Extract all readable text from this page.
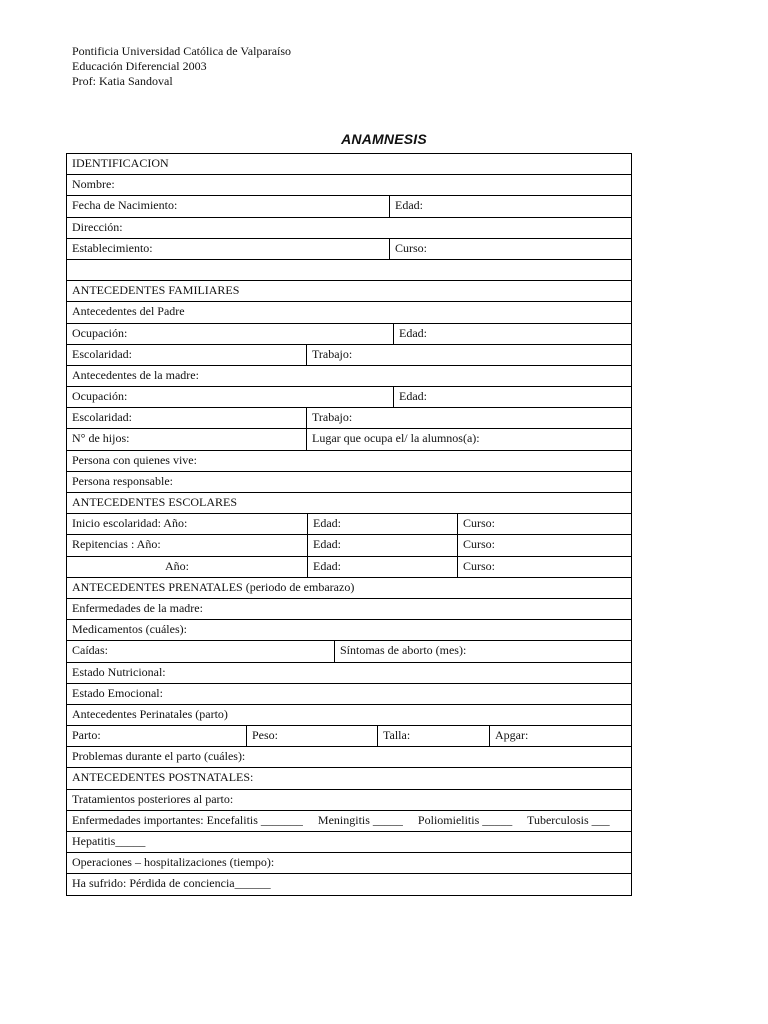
Pontificia Universidad Católica de Valparaíso
Educación Diferencial 2003
Prof: Katia Sandoval
ANAMNESIS
IDENTIFICACION
Nombre:
Fecha de Nacimiento:	Edad:
Dirección:
Establecimiento:	Curso:
ANTECEDENTES FAMILIARES
Antecedentes del Padre
Ocupación:	Edad:
Escolaridad:	Trabajo:
Antecedentes de la madre:
Ocupación:	Edad:
Escolaridad:	Trabajo:
N° de hijos:	Lugar que ocupa el/ la alumnos(a):
Persona con quienes vive:
Persona responsable:
ANTECEDENTES ESCOLARES
Inicio escolaridad: Año:	Edad:	Curso:
Repitencias : Año:	Edad:	Curso:
Año:	Edad:	Curso:
ANTECEDENTES PRENATALES (periodo de embarazo)
Enfermedades de la madre:
Medicamentos (cuáles):
Caídas:	Síntomas de aborto (mes):
Estado Nutricional:
Estado Emocional:
Antecedentes Perinatales (parto)
Parto:	Peso:	Talla:	Apgar:
Problemas durante el parto (cuáles):
ANTECEDENTES POSTNATALES:
Tratamientos posteriores al parto:
Enfermedades importantes: Encefalitis _______     Meningitis _____     Poliomielitis _____     Tuberculosis ___
Hepatitis_____
Operaciones – hospitalizaciones (tiempo):
Ha sufrido: Pérdida de conciencia______
